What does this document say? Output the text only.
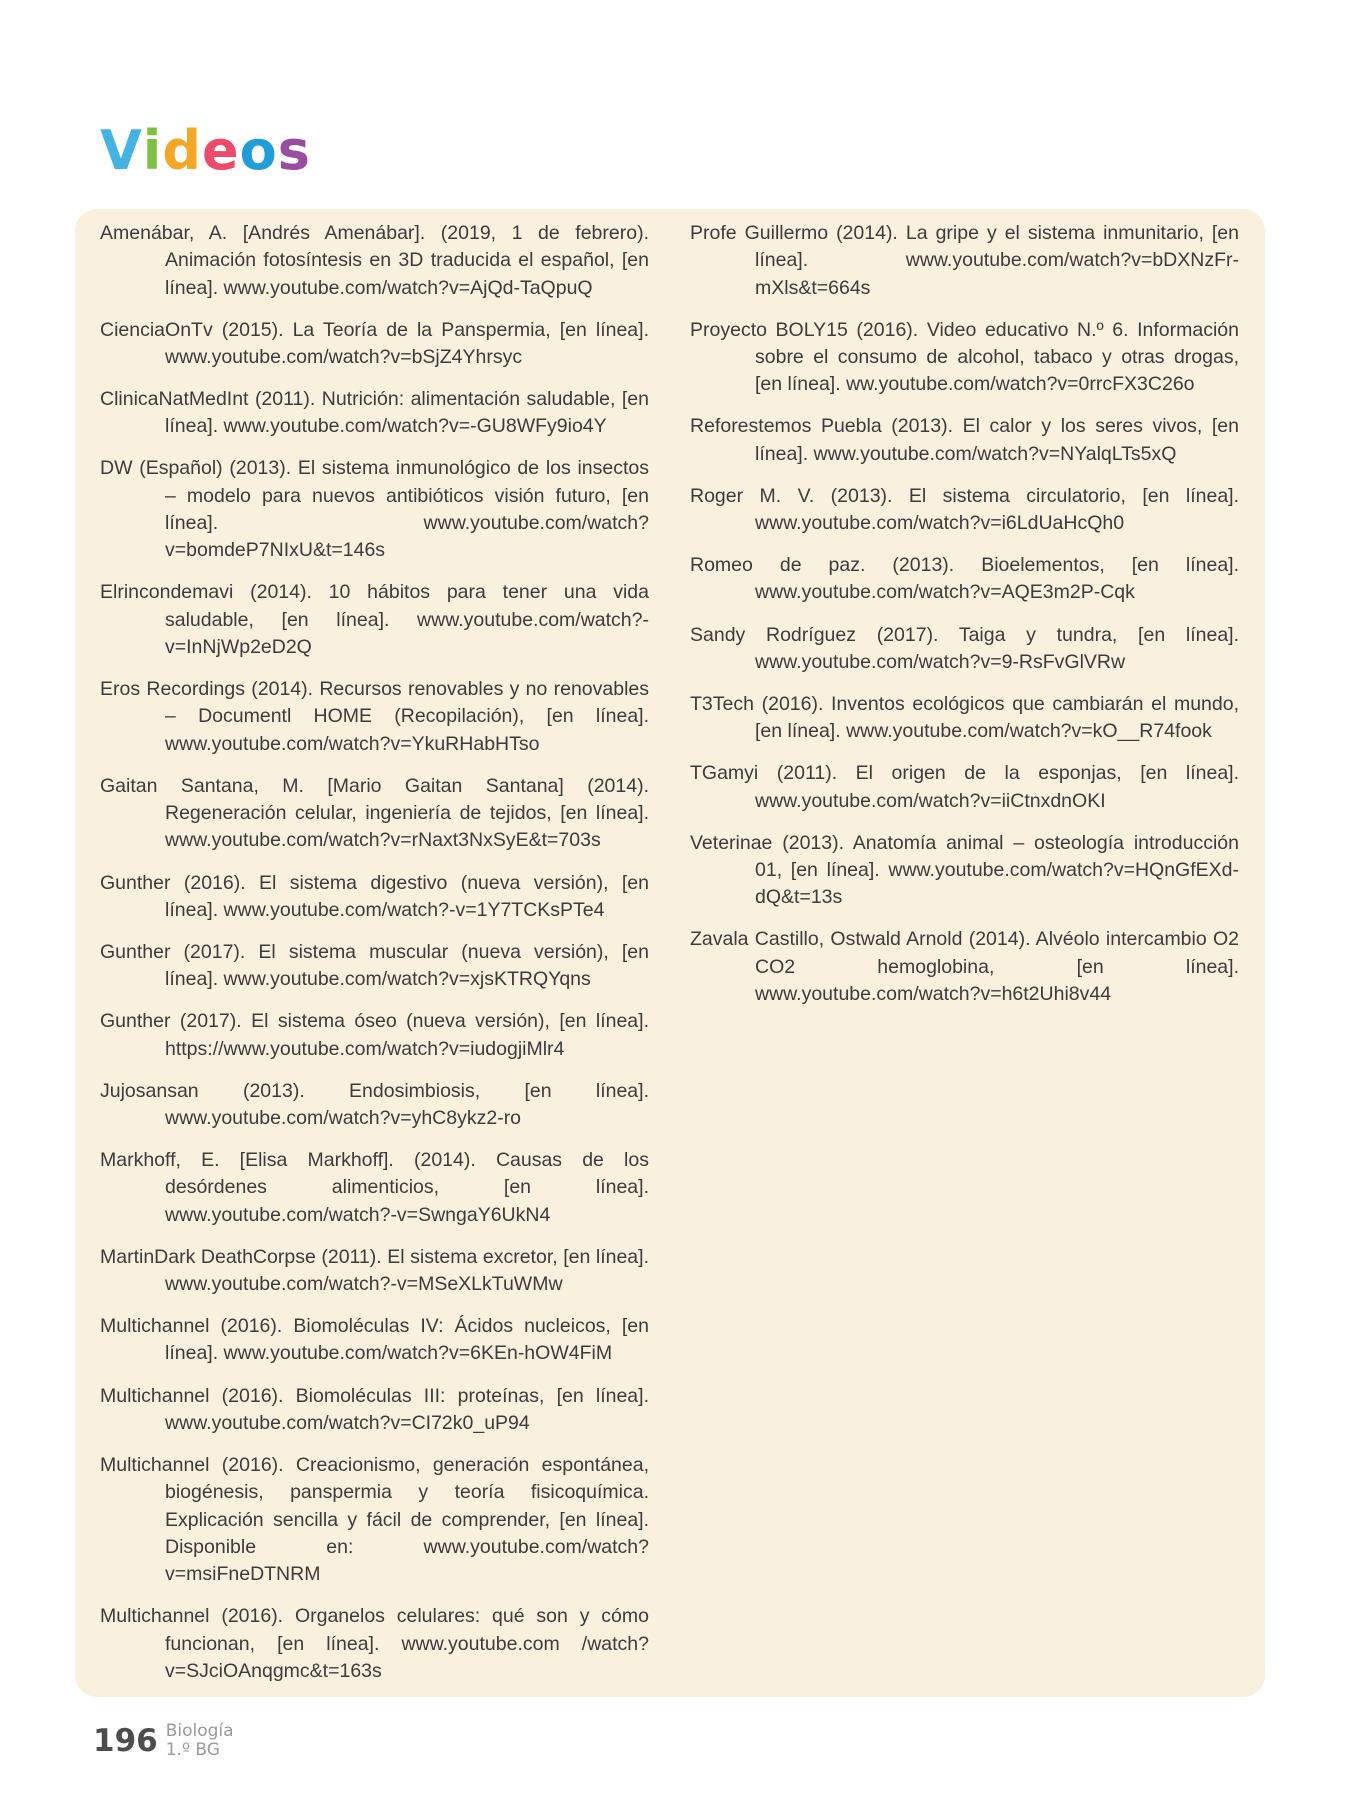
Videos

Amenábar, A. [Andrés Amenábar]. (2019, 1 de febrero). Animación fotosíntesis en 3D traducida el español, [en línea]. www.youtube.com/watch?v=AjQd-TaQpuQ

CienciaOnTv (2015). La Teoría de la Panspermia, [en línea]. www.youtube.com/watch?v=bSjZ4Yhrsyc

ClinicaNatMedInt (2011). Nutrición: alimentación saludable, [en línea]. www.youtube.com/watch?v=-GU8WFy9io4Y

DW (Español) (2013). El sistema inmunológico de los insectos – modelo para nuevos antibióticos visión futuro, [en línea]. www.youtube.com/watch?v=bomdeP7NIxU&t=146s

Elrincondemavi (2014). 10 hábitos para tener una vida saludable, [en línea]. www.youtube.com/watch?-v=InNjWp2eD2Q

Eros Recordings (2014). Recursos renovables y no renovables – Documentl HOME (Recopilación), [en línea]. www.youtube.com/watch?v=YkuRHabHTso

Gaitan Santana, M. [Mario Gaitan Santana] (2014). Regeneración celular, ingeniería de tejidos, [en línea]. www.youtube.com/watch?v=rNaxt3NxSyE&t=703s

Gunther (2016). El sistema digestivo (nueva versión), [en línea]. www.youtube.com/watch?-v=1Y7TCKsPTe4

Gunther (2017). El sistema muscular (nueva versión), [en línea]. www.youtube.com/watch?v=xjsKTRQYqns

Gunther (2017). El sistema óseo (nueva versión), [en línea]. https://www.youtube.com/watch?v=iudogjiMlr4

Jujosansan (2013). Endosimbiosis, [en línea]. www.youtube.com/watch?v=yhC8ykz2-ro

Markhoff, E. [Elisa Markhoff]. (2014). Causas de los desórdenes alimenticios, [en línea]. www.youtube.com/watch?-v=SwngaY6UkN4

MartinDark DeathCorpse (2011). El sistema excretor, [en línea]. www.youtube.com/watch?-v=MSeXLkTuWMw

Multichannel (2016). Biomoléculas IV: Ácidos nucleicos, [en línea]. www.youtube.com/watch?v=6KEn-hOW4FiM

Multichannel (2016). Biomoléculas III: proteínas, [en línea]. www.youtube.com/watch?v=CI72k0_uP94

Multichannel (2016). Creacionismo, generación espontánea, biogénesis, panspermia y teoría fisicoquímica. Explicación sencilla y fácil de comprender, [en línea]. Disponible en: www.youtube.com/watch?v=msiFneDTNRM

Multichannel (2016). Organelos celulares: qué son y cómo funcionan, [en línea]. www.youtube.com /watch?v=SJciOAnqgmc&t=163s

Profe Guillermo (2014). La gripe y el sistema inmunitario, [en línea]. www.youtube.com/watch?v=bDXNzFr-mXls&t=664s

Proyecto BOLY15 (2016). Video educativo N.º 6. Información sobre el consumo de alcohol, tabaco y otras drogas, [en línea]. ww.youtube.com/watch?v=0rrcFX3C26o

Reforestemos Puebla (2013). El calor y los seres vivos, [en línea]. www.youtube.com/watch?v=NYalqLTs5xQ

Roger M. V. (2013). El sistema circulatorio, [en línea]. www.youtube.com/watch?v=i6LdUaHcQh0

Romeo de paz. (2013). Bioelementos, [en línea]. www.youtube.com/watch?v=AQE3m2P-Cqk

Sandy Rodríguez (2017). Taiga y tundra, [en línea]. www.youtube.com/watch?v=9-RsFvGlVRw

T3Tech (2016). Inventos ecológicos que cambiarán el mundo, [en línea]. www.youtube.com/watch?v=kO__R74fook

TGamyi (2011). El origen de la esponjas, [en línea]. www.youtube.com/watch?v=iiCtnxdnOKI

Veterinae (2013). Anatomía animal – osteología introducción 01, [en línea]. www.youtube.com/watch?v=HQnGfEXd-dQ&t=13s

Zavala Castillo, Ostwald Arnold (2014). Alvéolo intercambio O2 CO2 hemoglobina, [en línea]. www.youtube.com/watch?v=h6t2Uhi8v44

196 Biología
1.º BG
